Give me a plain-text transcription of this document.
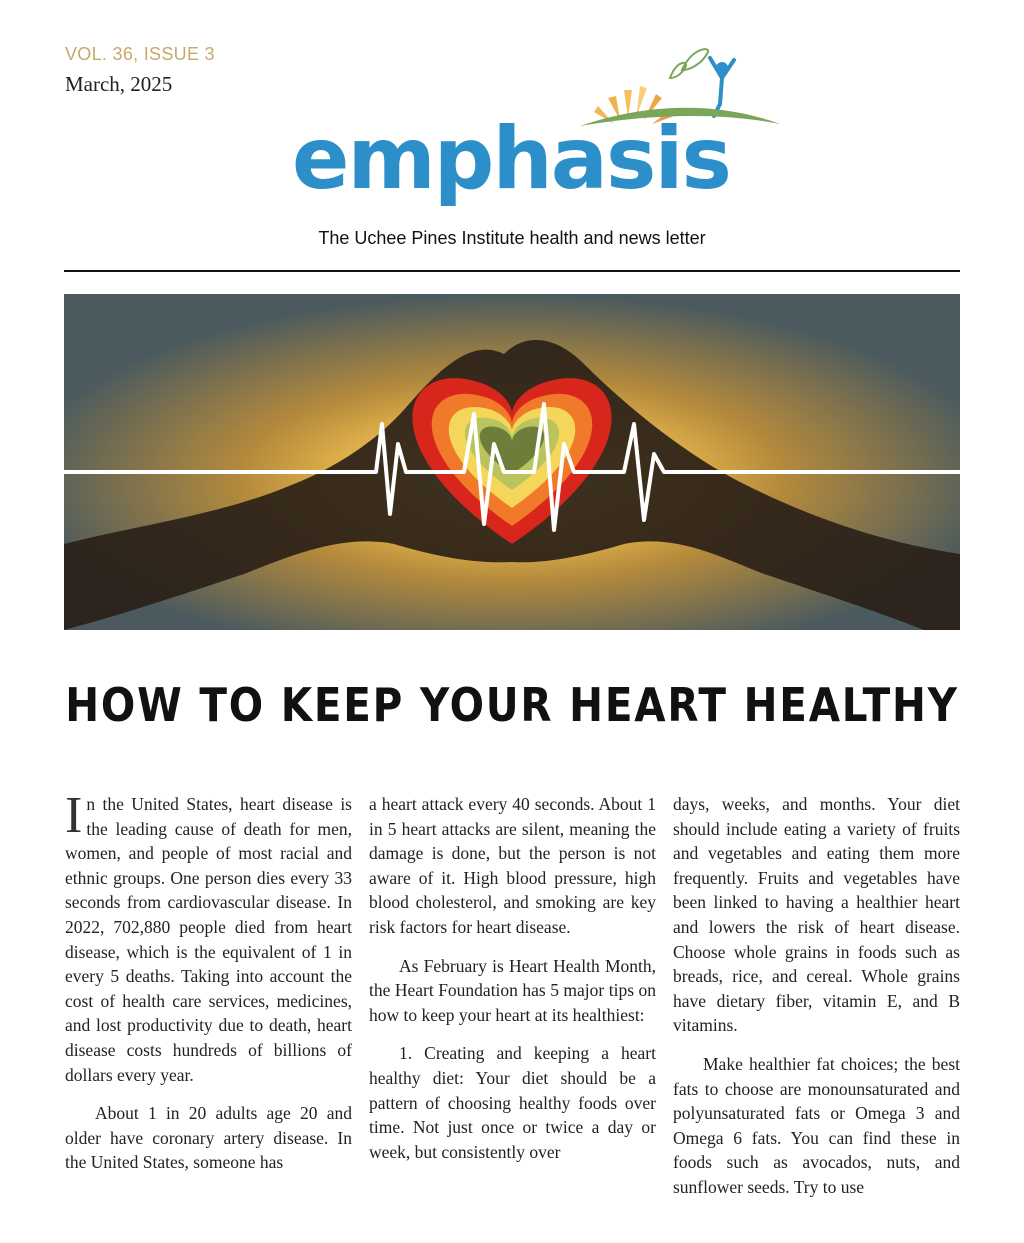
VOL. 36, ISSUE 3
March, 2025
emphasis
The Uchee Pines Institute health and news letter
HOW TO KEEP YOUR HEART HEALTHY

In the United States, heart disease is the leading cause of death for men, women, and people of most racial and ethnic groups. One person dies every 33 seconds from cardiovascular disease. In 2022, 702,880 people died from heart disease, which is the equivalent of 1 in every 5 deaths. Taking into account the cost of health care services, medicines, and lost productivity due to death, heart disease costs hundreds of billions of dollars every year.

About 1 in 20 adults age 20 and older have coronary artery disease. In the United States, someone has

a heart attack every 40 seconds. About 1 in 5 heart attacks are silent, meaning the damage is done, but the person is not aware of it. High blood pressure, high blood cholesterol, and smoking are key risk factors for heart disease.

As February is Heart Health Month, the Heart Foundation has 5 major tips on how to keep your heart at its healthiest:

1. Creating and keeping a heart healthy diet: Your diet should be a pattern of choosing healthy foods over time. Not just once or twice a day or week, but consistently over

days, weeks, and months. Your diet should include eating a variety of fruits and vegetables and eating them more frequently. Fruits and vegetables have been linked to having a healthier heart and lowers the risk of heart disease. Choose whole grains in foods such as breads, rice, and cereal. Whole grains have dietary fiber, vitamin E, and B vitamins.

Make healthier fat choices; the best fats to choose are monounsaturated and polyunsaturated fats or Omega 3 and Omega 6 fats. You can find these in foods such as avocados, nuts, and sunflower seeds. Try to use
